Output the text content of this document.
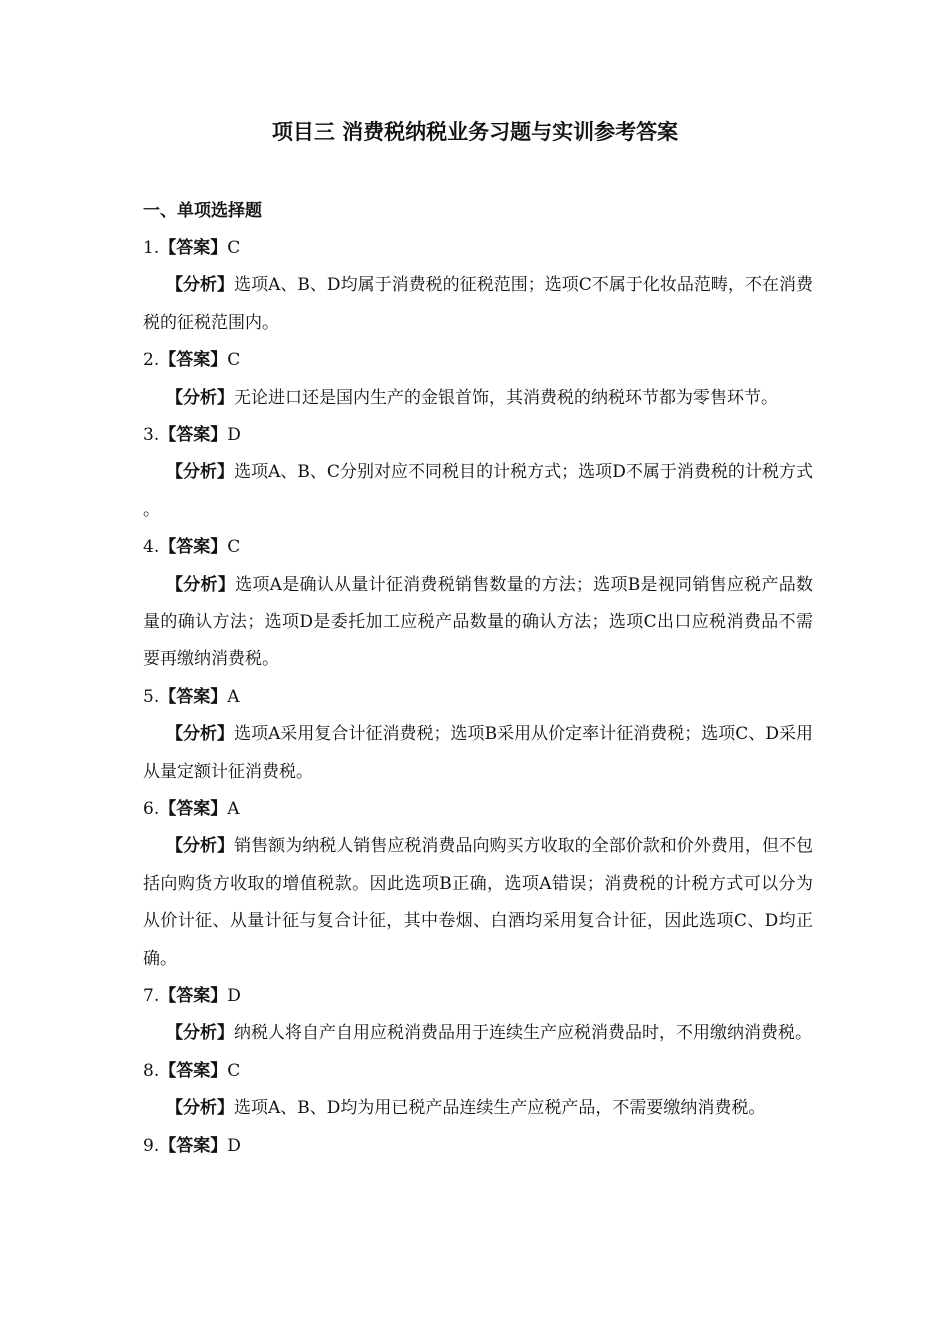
项目三 消费税纳税业务习题与实训参考答案

一、单项选择题

1.【答案】C

【分析】选项A、B、D均属于消费税的征税范围；选项C不属于化妆品范畴，不在消费税的征税范围内。

2.【答案】C

【分析】无论进口还是国内生产的金银首饰，其消费税的纳税环节都为零售环节。

3.【答案】D

【分析】选项A、B、C分别对应不同税目的计税方式；选项D不属于消费税的计税方式。

4.【答案】C

【分析】选项A是确认从量计征消费税销售数量的方法；选项B是视同销售应税产品数量的确认方法；选项D是委托加工应税产品数量的确认方法；选项C出口应税消费品不需要再缴纳消费税。

5.【答案】A

【分析】选项A采用复合计征消费税；选项B采用从价定率计征消费税；选项C、D采用从量定额计征消费税。

6.【答案】A

【分析】销售额为纳税人销售应税消费品向购买方收取的全部价款和价外费用，但不包括向购货方收取的增值税款。因此选项B正确，选项A错误；消费税的计税方式可以分为从价计征、从量计征与复合计征，其中卷烟、白酒均采用复合计征，因此选项C、D均正确。

7.【答案】D

【分析】纳税人将自产自用应税消费品用于连续生产应税消费品时，不用缴纳消费税。

8.【答案】C

【分析】选项A、B、D均为用已税产品连续生产应税产品，不需要缴纳消费税。

9.【答案】D
